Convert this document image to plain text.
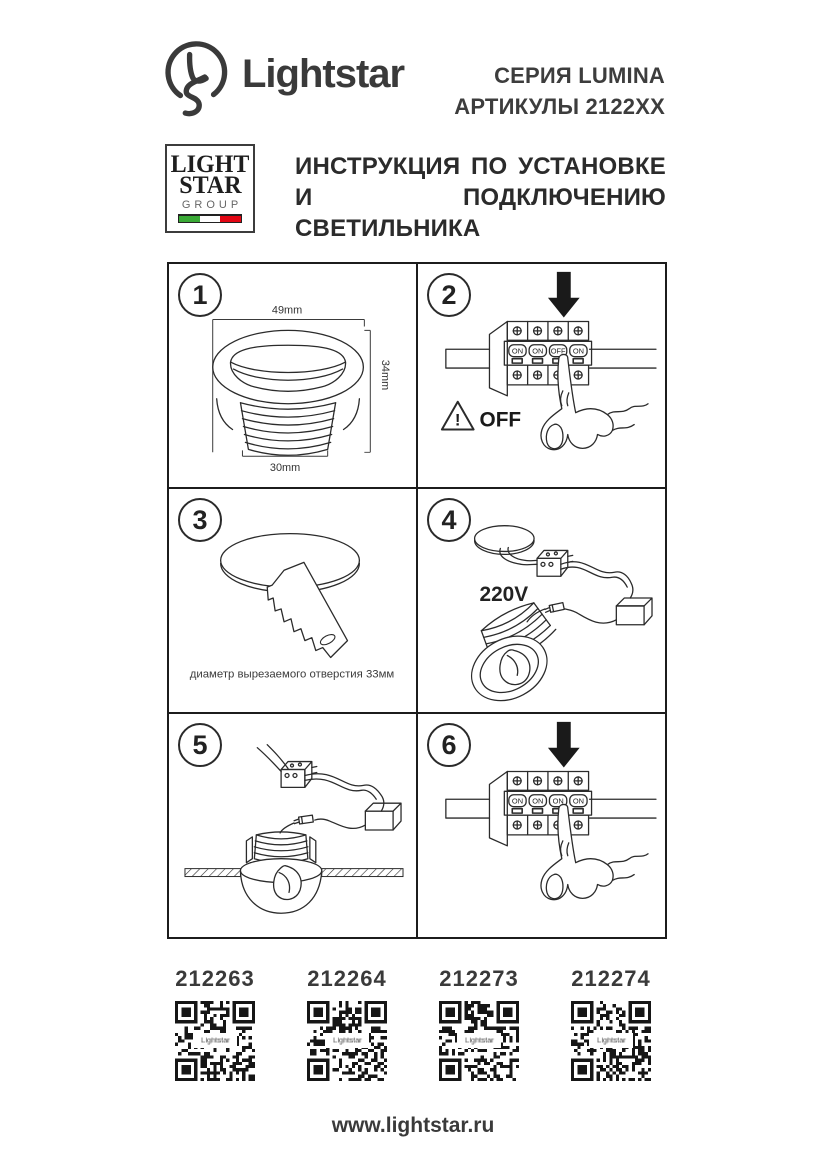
Lightstar	СЕРИЯ LUMINA
АРТИКУЛЫ 2122XX
LIGHT
STAR
GROUP
ИНСТРУКЦИЯ ПО УСТАНОВКЕ
И ПОДКЛЮЧЕНИЮ СВЕТИЛЬНИКА
1
49mm
34mm
30mm
2
ON ON OFF ON
! OFF
3
диаметр вырезаемого отверстия 33мм
4
220V
5	6
ON ON ON ON
212263 212264 212273 212274
www.lightstar.ru
